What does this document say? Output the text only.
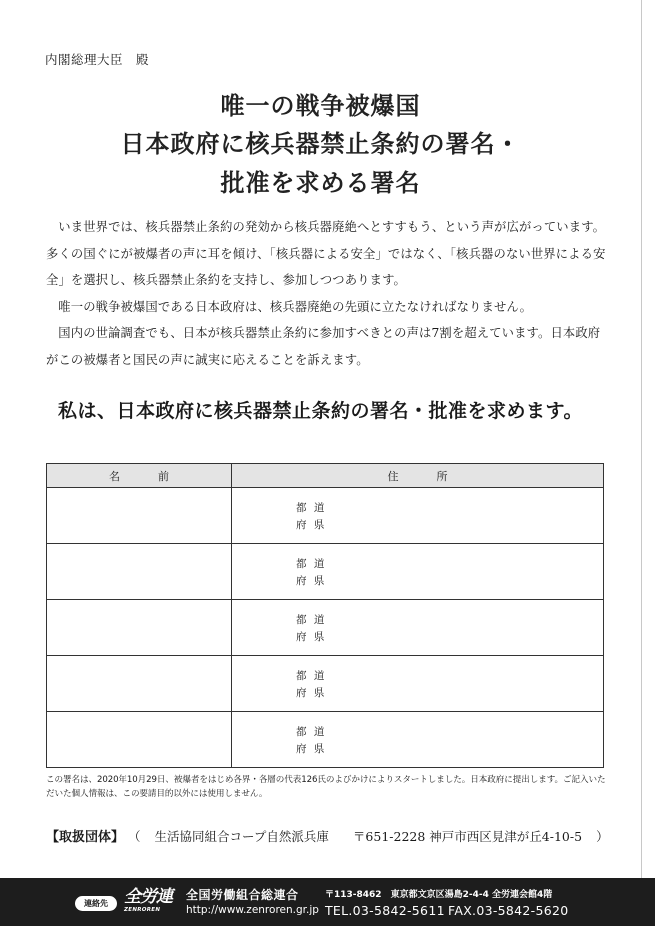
内閣総理大臣　殿
唯一の戦争被爆国
日本政府に核兵器禁止条約の署名・
批准を求める署名

いま世界では、核兵器禁止条約の発効から核兵器廃絶へとすすもう、という声が広がっています。多くの国ぐにが被爆者の声に耳を傾け、「核兵器による安全」ではなく、「核兵器のない世界による安全」を選択し、核兵器禁止条約を支持し、参加しつつあります。

唯一の戦争被爆国である日本政府は、核兵器廃絶の先頭に立たなければなりません。

国内の世論調査でも、日本が核兵器禁止条約に参加すべきとの声は7割を超えています。日本政府がこの被爆者と国民の声に誠実に応えることを訴えます。

私は、日本政府に核兵器禁止条約の署名・批准を求めます。
名前	住所
都 道
府 県
都 道
府 県
都 道
府 県
都 道
府 県
都 道
府 県
この署名は、2020年10月29日、被爆者をはじめ各界・各層の代表126氏のよびかけによりスタートしました。日本政府に提出します。ご記入いただいた個人情報は、この要請目的以外には使用しません。
【取扱団体】 （ 生活協同組合コープ自然派兵庫 〒651-2228 神戸市西区見津が丘4-10-5 ）
連絡先 全労連
ZENROREN
全国労働組合総連合
http://www.zenroren.gr.jp
〒113-8462　東京都文京区湯島2-4-4 全労連会館4階
TEL.03-5842-5611 FAX.03-5842-5620
